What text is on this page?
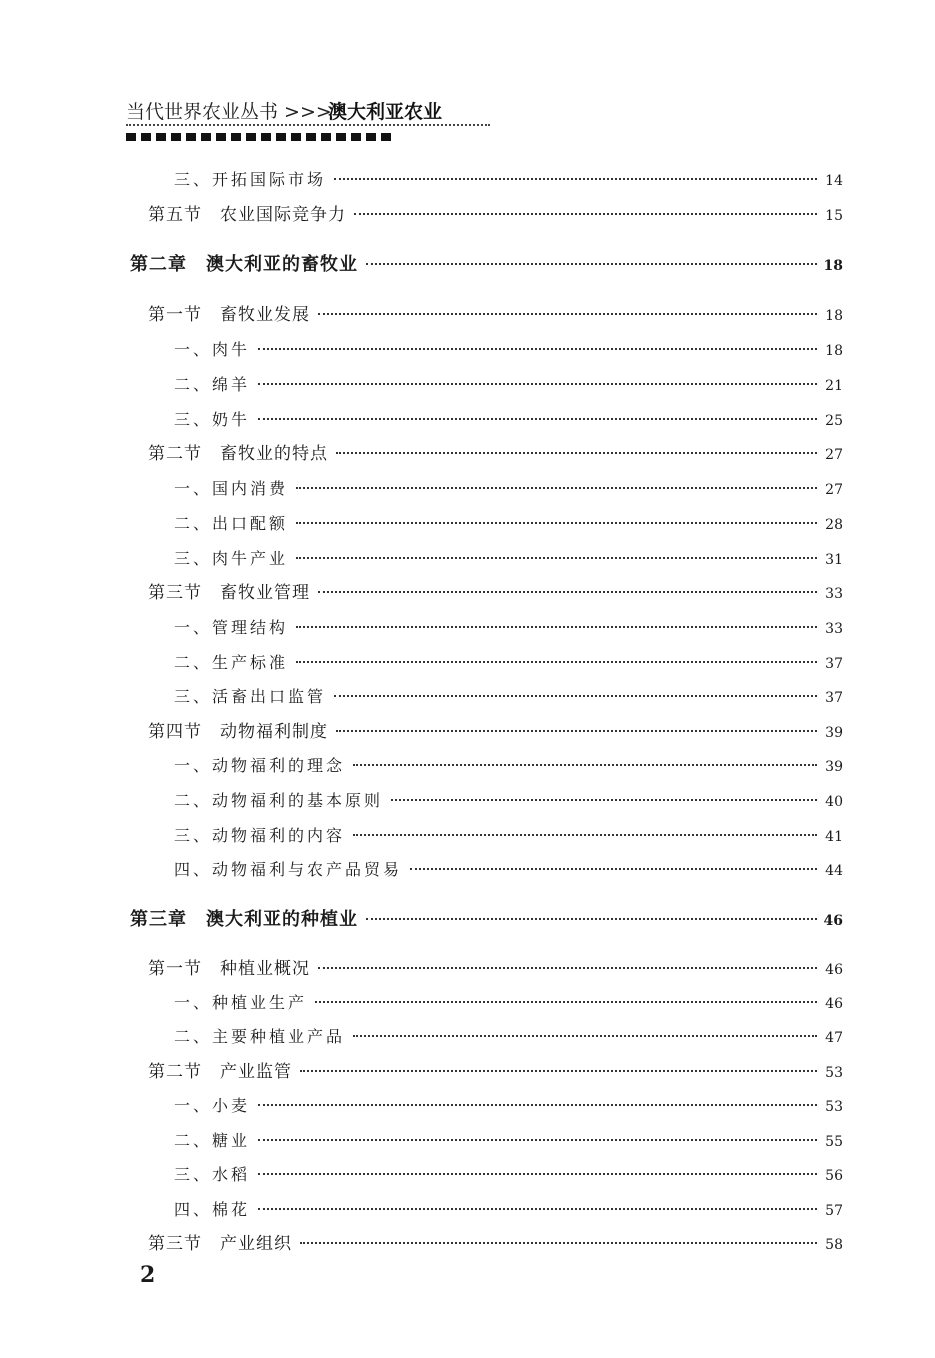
当代世界农业丛书 >>>
澳大利亚农业
三、开拓国际市场	14
第五节　农业国际竞争力	15
第二章　澳大利亚的畜牧业	18
第一节　畜牧业发展	18
一、肉牛	18
二、绵羊	21
三、奶牛	25
第二节　畜牧业的特点	27
一、国内消费	27
二、出口配额	28
三、肉牛产业	31
第三节　畜牧业管理	33
一、管理结构	33
二、生产标准	37
三、活畜出口监管	37
第四节　动物福利制度	39
一、动物福利的理念	39
二、动物福利的基本原则	40
三、动物福利的内容	41
四、动物福利与农产品贸易	44
第三章　澳大利亚的种植业	46
第一节　种植业概况	46
一、种植业生产	46
二、主要种植业产品	47
第二节　产业监管	53
一、小麦	53
二、糖业	55
三、水稻	56
四、棉花	57
第三节　产业组织	58
2
